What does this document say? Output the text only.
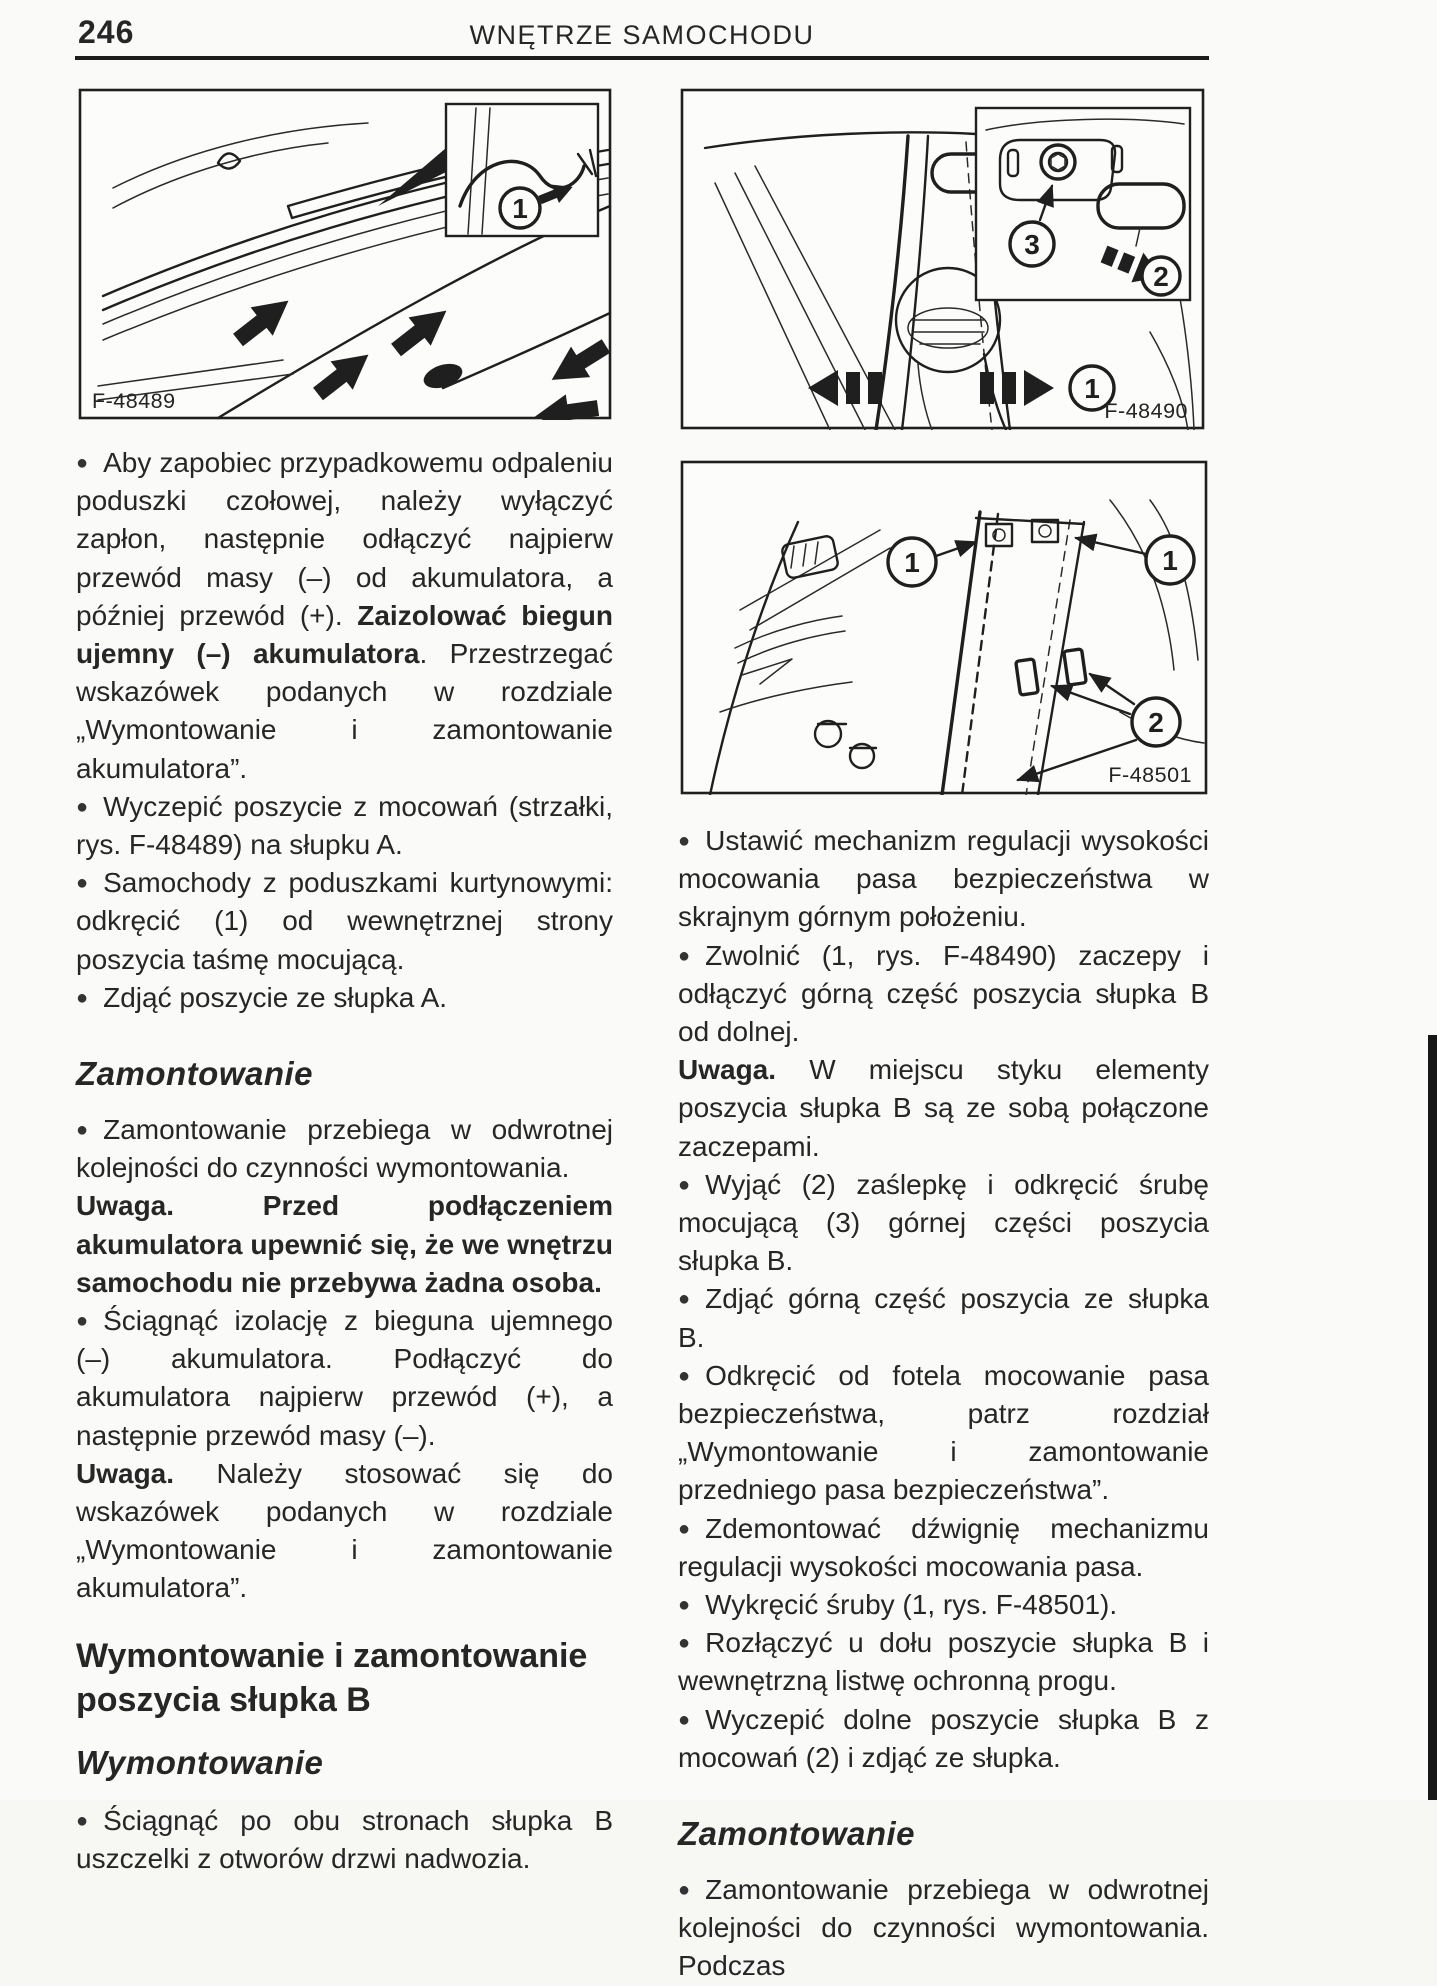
246	WNĘTRZE SAMOCHODU
1
F-48489
3
2
1
F-48490
1	1
2
F-48501

● Aby zapobiec przypadkowemu odpaleniu poduszki czołowej, należy wyłączyć zapłon, następnie odłączyć najpierw przewód masy (–) od akumulatora, a później przewód (+). Zaizolować biegun ujemny (–) akumulatora. Przestrzegać wskazówek podanych w rozdziale „Wymontowanie i zamontowanie akumulatora”.

● Wyczepić poszycie z mocowań (strzałki, rys. F-48489) na słupku A.

● Samochody z poduszkami kurtynowymi: odkręcić (1) od wewnętrznej strony poszycia taśmę mocującą.

● Zdjąć poszycie ze słupka A.

Zamontowanie

● Zamontowanie przebiega w odwrotnej kolejności do czynności wymontowania.

Uwaga. Przed podłączeniem akumulatora upewnić się, że we wnętrzu samochodu nie przebywa żadna osoba.

● Ściągnąć izolację z bieguna ujemnego (–) akumulatora. Podłączyć do akumulatora najpierw przewód (+), a następnie przewód masy (–).

Uwaga. Należy stosować się do wskazówek podanych w rozdziale „Wymontowanie i zamontowanie akumulatora”.

Wymontowanie i zamontowanie poszycia słupka B
Wymontowanie

● Ściągnąć po obu stronach słupka B uszczelki z otworów drzwi nadwozia.

● Ustawić mechanizm regulacji wysokości mocowania pasa bezpieczeństwa w skrajnym górnym położeniu.

● Zwolnić (1, rys. F-48490) zaczepy i odłączyć górną część poszycia słupka B od dolnej.

Uwaga. W miejscu styku elementy poszycia słupka B są ze sobą połączone zaczepami.

● Wyjąć (2) zaślepkę i odkręcić śrubę mocującą (3) górnej części poszycia słupka B.

● Zdjąć górną część poszycia ze słupka B.

● Odkręcić od fotela mocowanie pasa bezpieczeństwa, patrz rozdział „Wymontowanie i zamontowanie przedniego pasa bezpieczeństwa”.

● Zdemontować dźwignię mechanizmu regulacji wysokości mocowania pasa.

● Wykręcić śruby (1, rys. F-48501).

● Rozłączyć u dołu poszycie słupka B i wewnętrzną listwę ochronną progu.

● Wyczepić dolne poszycie słupka B z mocowań (2) i zdjąć ze słupka.

Zamontowanie

● Zamontowanie przebiega w odwrotnej kolejności do czynności wymontowania. Podczas
